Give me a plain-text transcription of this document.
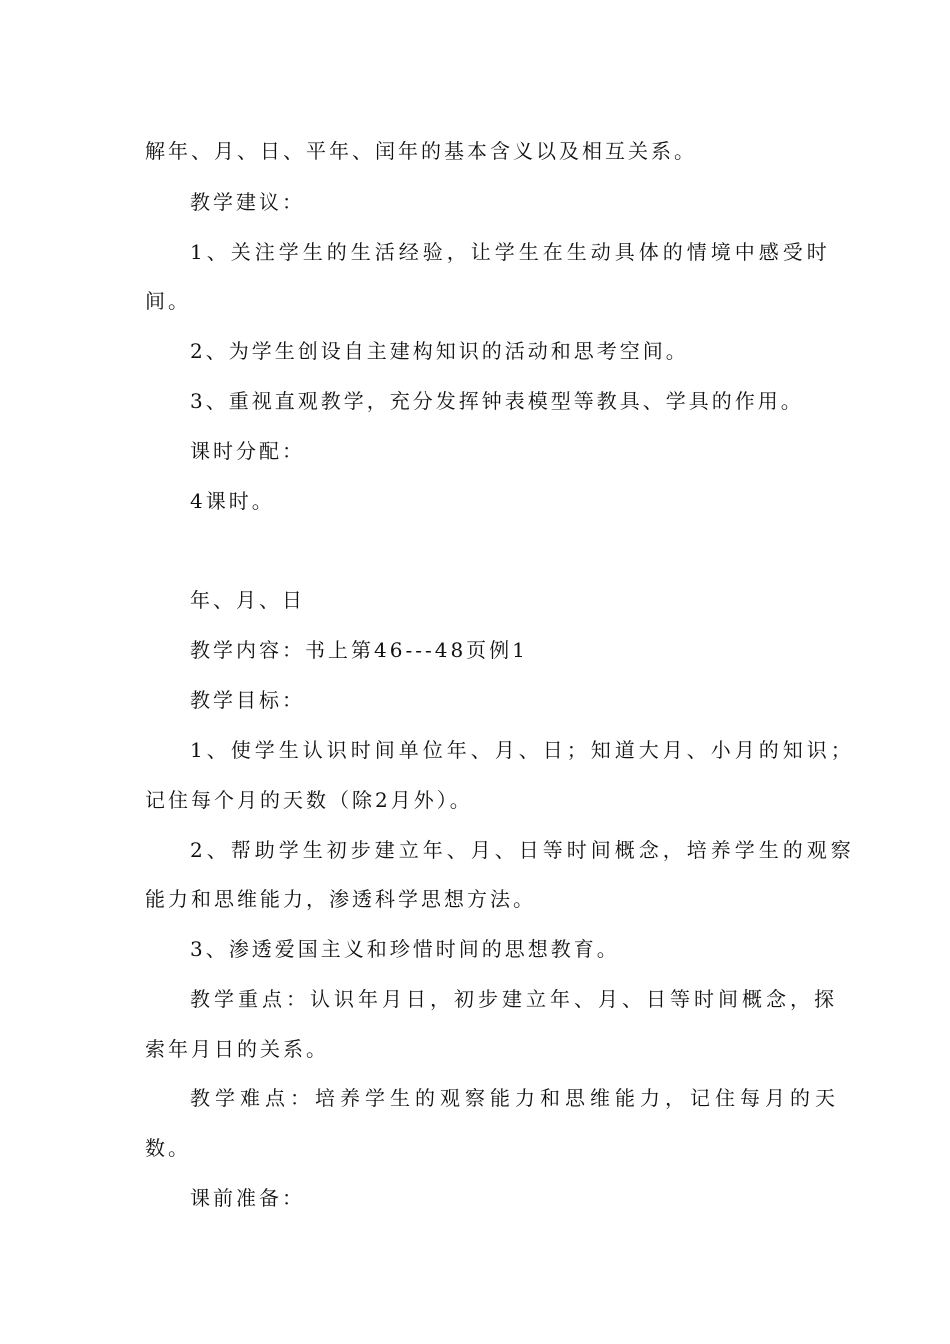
解年、月、日、平年、闰年的基本含义以及相互关系。
教学建议：
1、关注学生的生活经验，让学生在生动具体的情境中感受时
间。
2、为学生创设自主建构知识的活动和思考空间。
3、重视直观教学，充分发挥钟表模型等教具、学具的作用。
课时分配：
4课时。
年、月、日
教学内容：书上第46---48页例1
教学目标：
1、使学生认识时间单位年、月、日；知道大月、小月的知识；
记住每个月的天数（除2月外）。
2、帮助学生初步建立年、月、日等时间概念，培养学生的观察
能力和思维能力，渗透科学思想方法。
3、渗透爱国主义和珍惜时间的思想教育。
教学重点：认识年月日，初步建立年、月、日等时间概念，探
索年月日的关系。
教学难点：培养学生的观察能力和思维能力，记住每月的天
数。
课前准备：
